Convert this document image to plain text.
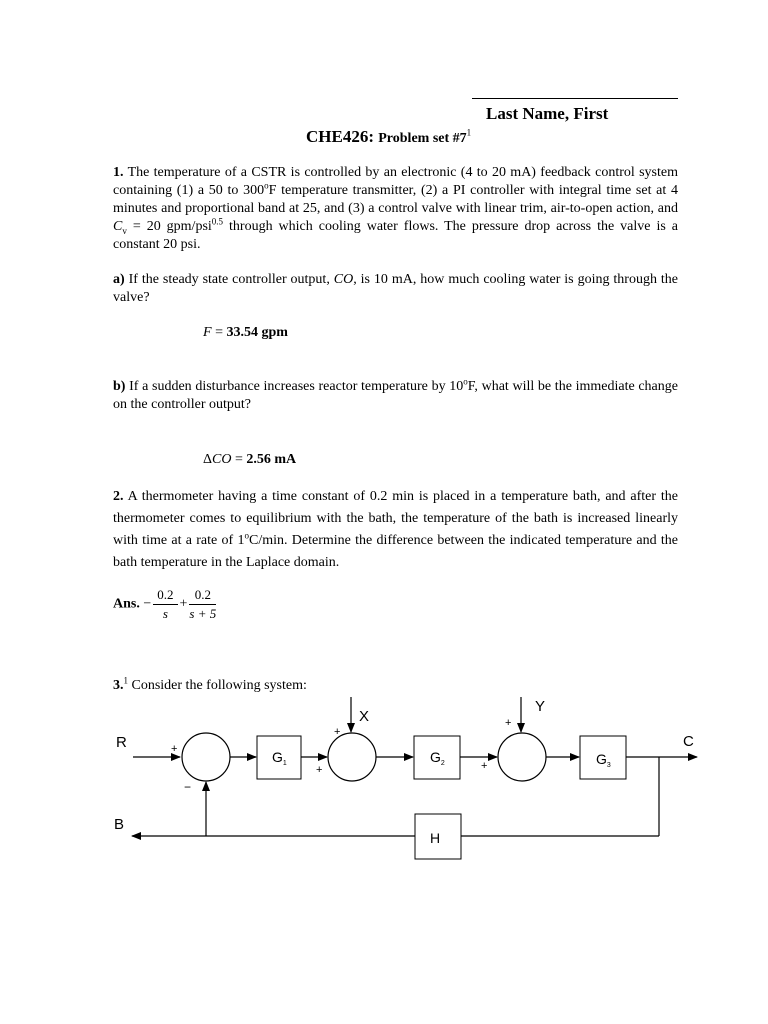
Last Name, First
CHE426: Problem set $\#7^1$
1. The temperature of a CSTR is controlled by an electronic (4 to 20 mA) feedback control system containing (1) a 50 to 300$^o$F temperature transmitter, (2) a PI controller with integral time set at 4 minutes and proportional band at 25, and (3) a control valve with linear trim, air-to-open action, and $C_v = 20$ gpm/psi$^{0.5}$ through which cooling water flows. The pressure drop across the valve is a constant 20 psi.
a) If the steady state controller output, CO, is 10 mA, how much cooling water is going through the valve?
F = 33.54 gpm
b) If a sudden disturbance increases reactor temperature by 10$^o$F, what will be the immediate change on the controller output?
ΔCO = 2.56 mA
2. A thermometer having a time constant of 0.2 min is placed in a temperature bath, and after the thermometer comes to equilibrium with the bath, the temperature of the bath is increased linearly with time at a rate of 1$^o$C/min. Determine the difference between the indicated temperature and the bath temperature in the Laplace domain.
Ans. − $\frac{0.2}{s} + \frac{0.2}{s + 5}$
3.$^1$ Consider the following system:
R
B
C
X
Y
+
−
$G_1$
+
+
$G_2$	+
+
$G_3$
H
